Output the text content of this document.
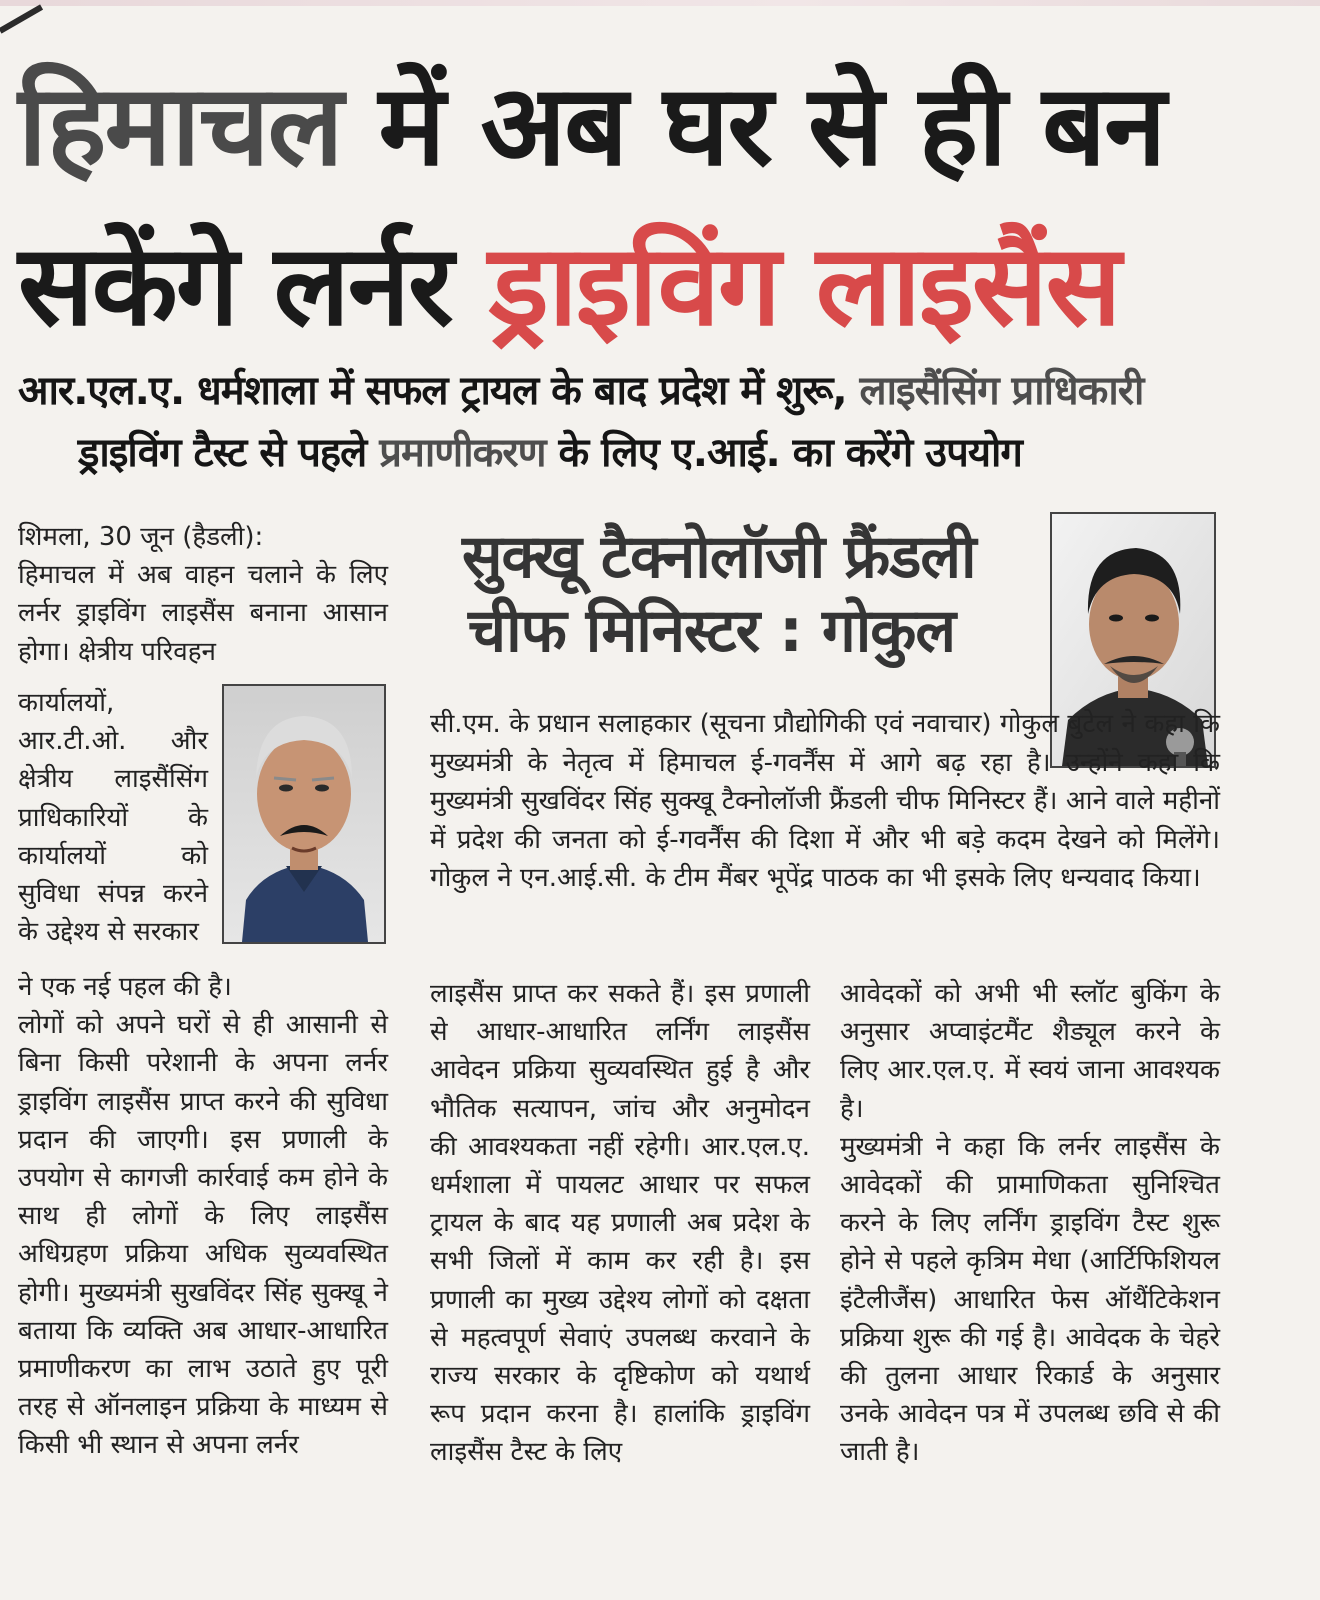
हिमाचल में अब घर से ही बन
सकेंगे लर्नर ड्राइविंग लाइसैंस
आर.एल.ए. धर्मशाला में सफल ट्रायल के बाद प्रदेश में शुरू, लाइसैंसिंग प्राधिकारी
ड्राइविंग टैस्ट से पहले प्रमाणीकरण के लिए ए.आई. का करेंगे उपयोग

शिमला, 30 जून (हैडली):
हिमाचल में अब वाहन चलाने के लिए लर्नर ड्राइविंग लाइसैंस बनाना आसान होगा। क्षेत्रीय परिवहन

कार्यालयों,
आर.टी.ओ. और क्षेत्रीय लाइसैंसिंग प्राधिकारियों के कार्यालयों को सुविधा संपन्न करने के उद्देश्य से सरकार

ने एक नई पहल की है।
लोगों को अपने घरों से ही आसानी से बिना किसी परेशानी के अपना लर्नर ड्राइविंग लाइसैंस प्राप्त करने की सुविधा प्रदान की जाएगी। इस प्रणाली के उपयोग से कागजी कार्रवाई कम होने के साथ ही लोगों के लिए लाइसैंस अधिग्रहण प्रक्रिया अधिक सुव्यवस्थित होगी। मुख्यमंत्री सुखविंदर सिंह सुक्खू ने बताया कि व्यक्ति अब आधार-आधारित प्रमाणीकरण का लाभ उठाते हुए पूरी तरह से ऑनलाइन प्रक्रिया के माध्यम से किसी भी स्थान से अपना लर्नर

सुक्खू टैक्नोलॉजी फ्रैंडली
चीफ मिनिस्टर : गोकुल

सी.एम. के प्रधान सलाहकार (सूचना प्रौद्योगिकी एवं नवाचार) गोकुल बुटेल ने कहा कि मुख्यमंत्री के नेतृत्व में हिमाचल ई-गवर्नैंस में आगे बढ़ रहा है। उन्होंने कहा कि मुख्यमंत्री सुखविंदर सिंह सुक्खू टैक्नोलॉजी फ्रैंडली चीफ मिनिस्टर हैं। आने वाले महीनों में प्रदेश की जनता को ई-गवर्नैंस की दिशा में और भी बड़े कदम देखने को मिलेंगे। गोकुल ने एन.आई.सी. के टीम मैंबर भूपेंद्र पाठक का भी इसके लिए धन्यवाद किया।

लाइसैंस प्राप्त कर सकते हैं। इस प्रणाली से आधार-आधारित लर्निंग लाइसैंस आवेदन प्रक्रिया सुव्यवस्थित हुई है और भौतिक सत्यापन, जांच और अनुमोदन की आवश्यकता नहीं रहेगी। आर.एल.ए. धर्मशाला में पायलट आधार पर सफल ट्रायल के बाद यह प्रणाली अब प्रदेश के सभी जिलों में काम कर रही है। इस प्रणाली का मुख्य उद्देश्य लोगों को दक्षता से महत्वपूर्ण सेवाएं उपलब्ध करवाने के राज्य सरकार के दृष्टिकोण को यथार्थ रूप प्रदान करना है। हालांकि ड्राइविंग लाइसैंस टैस्ट के लिए

आवेदकों को अभी भी स्लॉट बुकिंग के अनुसार अप्वाइंटमैंट शैड्यूल करने के लिए आर.एल.ए. में स्वयं जाना आवश्यक है।
मुख्यमंत्री ने कहा कि लर्नर लाइसैंस के आवेदकों की प्रामाणिकता सुनिश्चित करने के लिए लर्निंग ड्राइविंग टैस्ट शुरू होने से पहले कृत्रिम मेधा (आर्टिफिशियल इंटैलीजैंस) आधारित फेस ऑथैंटिकेशन प्रक्रिया शुरू की गई है। आवेदक के चेहरे की तुलना आधार रिकार्ड के अनुसार उनके आवेदन पत्र में उपलब्ध छवि से की जाती है।
